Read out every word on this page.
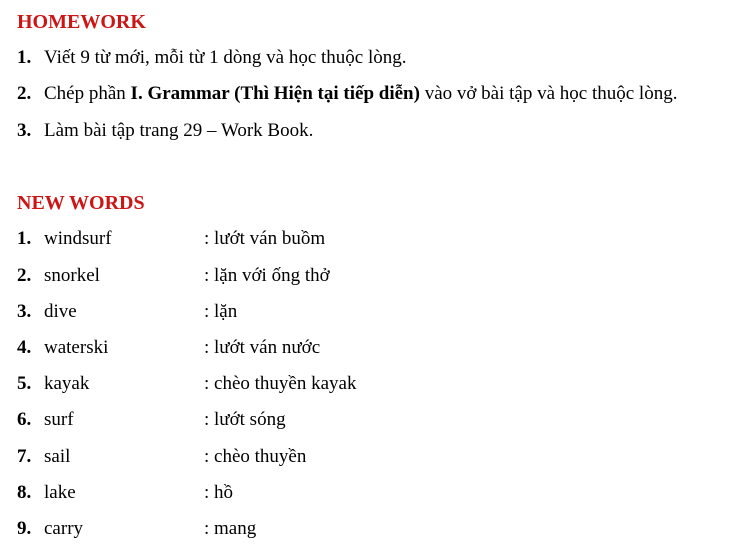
HOMEWORK
1. Viết 9 từ mới, mỗi từ 1 dòng và học thuộc lòng.
2. Chép phần I. Grammar (Thì Hiện tại tiếp diễn) vào vở bài tập và học thuộc lòng.
3. Làm bài tập trang 29 – Work Book.
NEW WORDS
1. windsurf	: lướt ván buồm
2. snorkel	: lặn với ống thở
3. dive	: lặn
4. waterski	: lướt ván nước
5. kayak	: chèo thuyền kayak
6. surf	: lướt sóng
7. sail	: chèo thuyền
8. lake	: hồ
9. carry	: mang
